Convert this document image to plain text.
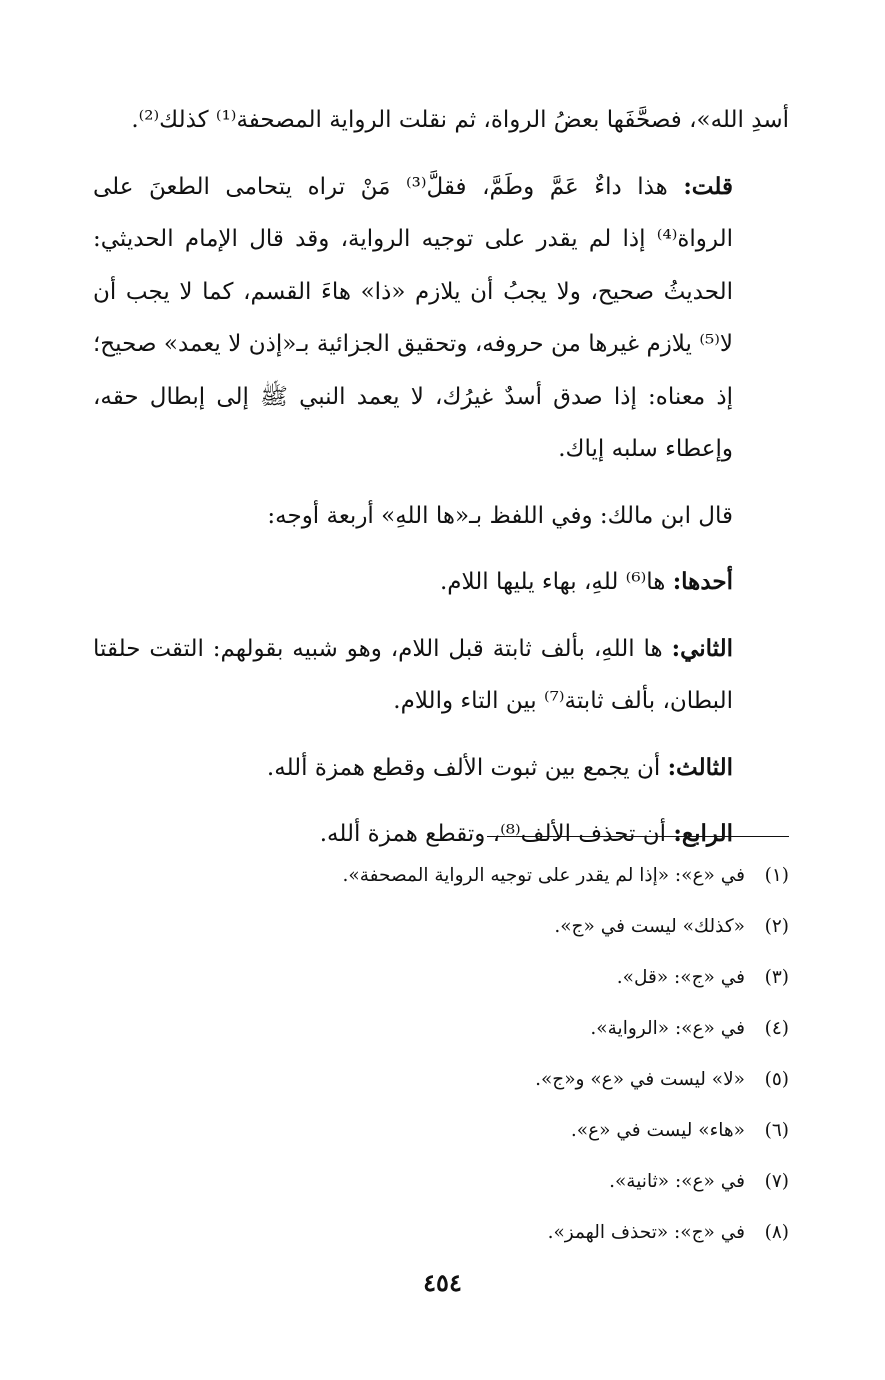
أسدِ الله»، فصحَّفَها بعضُ الرواة، ثم نقلت الرواية المصحفة⁽¹⁾ كذلك⁽²⁾.

قلت: هذا داءٌ عَمَّ وطَمَّ، فقلَّ⁽³⁾ مَنْ تراه يتحامى الطعنَ على الرواة⁽⁴⁾ إذا لم يقدر على توجيه الرواية، وقد قال الإمام الحديثي: الحديثُ صحيح، ولا يجبُ أن يلازم «ذا» هاءَ القسم، كما لا يجب أن لا⁽⁵⁾ يلازم غيرها من حروفه، وتحقيق الجزائية بـ«إذن لا يعمد» صحيح؛ إذ معناه: إذا صدق أسدٌ غيرُك، لا يعمد النبي ﷺ إلى إبطال حقه، وإعطاء سلبه إياك.

قال ابن مالك: وفي اللفظ بـ«ها اللهِ» أربعة أوجه:

أحدها: ها⁽⁶⁾ للهِ، بهاء يليها اللام.

الثاني: ها اللهِ، بألف ثابتة قبل اللام، وهو شبيه بقولهم: التقت حلقتا البطان، بألف ثابتة⁽⁷⁾ بين التاء واللام.

الثالث: أن يجمع بين ثبوت الألف وقطع همزة ألله.

الرابع: أن تحذف الألف⁽⁸⁾، وتقطع همزة ألله.

(١)
في «ع»: «إذا لم يقدر على توجيه الرواية المصحفة».
(٢)
«كذلك» ليست في «ج».
(٣)
في «ج»: «قل».
(٤)
في «ع»: «الرواية».
(٥)
«لا» ليست في «ع» و«ج».
(٦)
«هاء» ليست في «ع».
(٧)
في «ع»: «ثانية».
(٨)
في «ج»: «تحذف الهمز».
٤٥٤
